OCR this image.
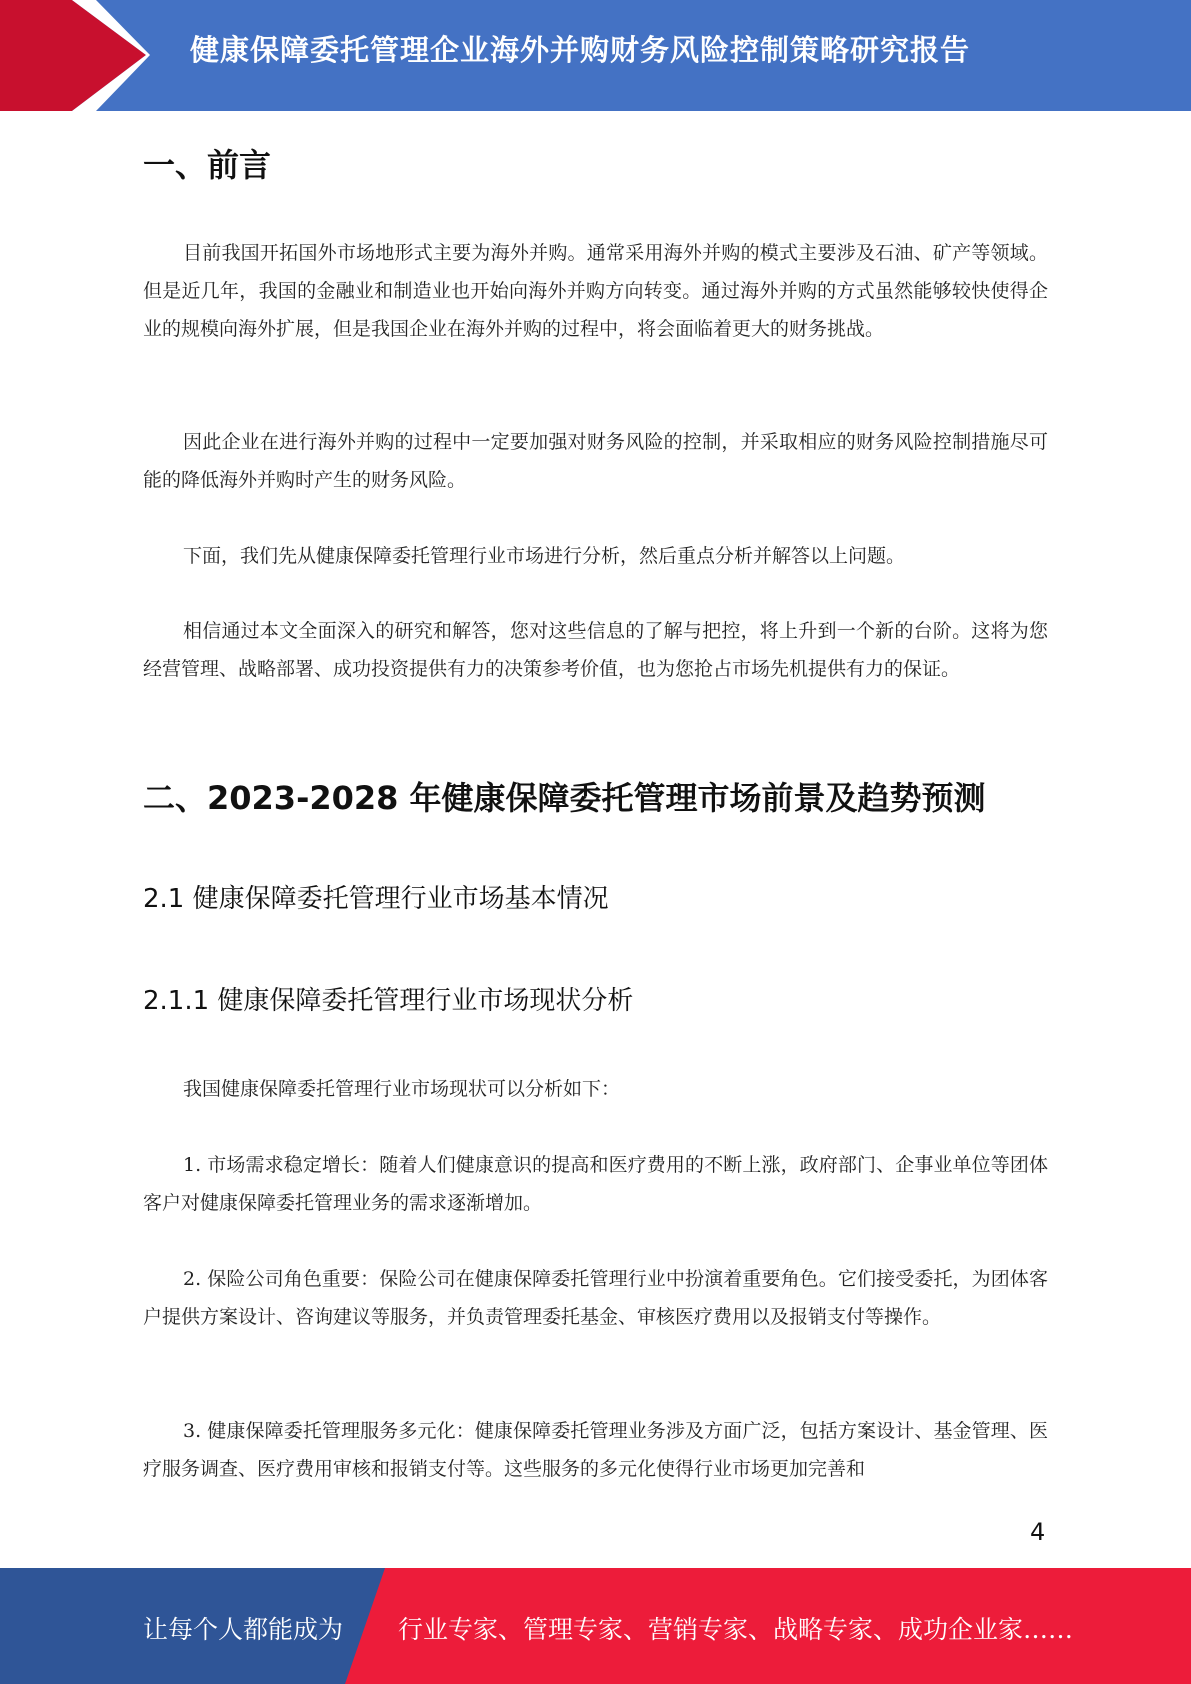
健康保障委托管理企业海外并购财务风险控制策略研究报告
一、前言

目前我国开拓国外市场地形式主要为海外并购。通常采用海外并购的模式主要涉及石油、矿产等领域。但是近几年，我国的金融业和制造业也开始向海外并购方向转变。通过海外并购的方式虽然能够较快使得企业的规模向海外扩展，但是我国企业在海外并购的过程中，将会面临着更大的财务挑战。

因此企业在进行海外并购的过程中一定要加强对财务风险的控制，并采取相应的财务风险控制措施尽可能的降低海外并购时产生的财务风险。

下面，我们先从健康保障委托管理行业市场进行分析，然后重点分析并解答以上问题。

相信通过本文全面深入的研究和解答，您对这些信息的了解与把控，将上升到一个新的台阶。这将为您经营管理、战略部署、成功投资提供有力的决策参考价值，也为您抢占市场先机提供有力的保证。

二、2023-2028 年健康保障委托管理市场前景及趋势预测
2.1 健康保障委托管理行业市场基本情况
2.1.1 健康保障委托管理行业市场现状分析

我国健康保障委托管理行业市场现状可以分析如下：

1. 市场需求稳定增长：随着人们健康意识的提高和医疗费用的不断上涨，政府部门、企事业单位等团体客户对健康保障委托管理业务的需求逐渐增加。

2. 保险公司角色重要：保险公司在健康保障委托管理行业中扮演着重要角色。它们接受委托，为团体客户提供方案设计、咨询建议等服务，并负责管理委托基金、审核医疗费用以及报销支付等操作。

3. 健康保障委托管理服务多元化：健康保障委托管理业务涉及方面广泛，包括方案设计、基金管理、医疗服务调查、医疗费用审核和报销支付等。这些服务的多元化使得行业市场更加完善和

4
让每个人都能成为 行业专家、管理专家、营销专家、战略专家、成功企业家……
